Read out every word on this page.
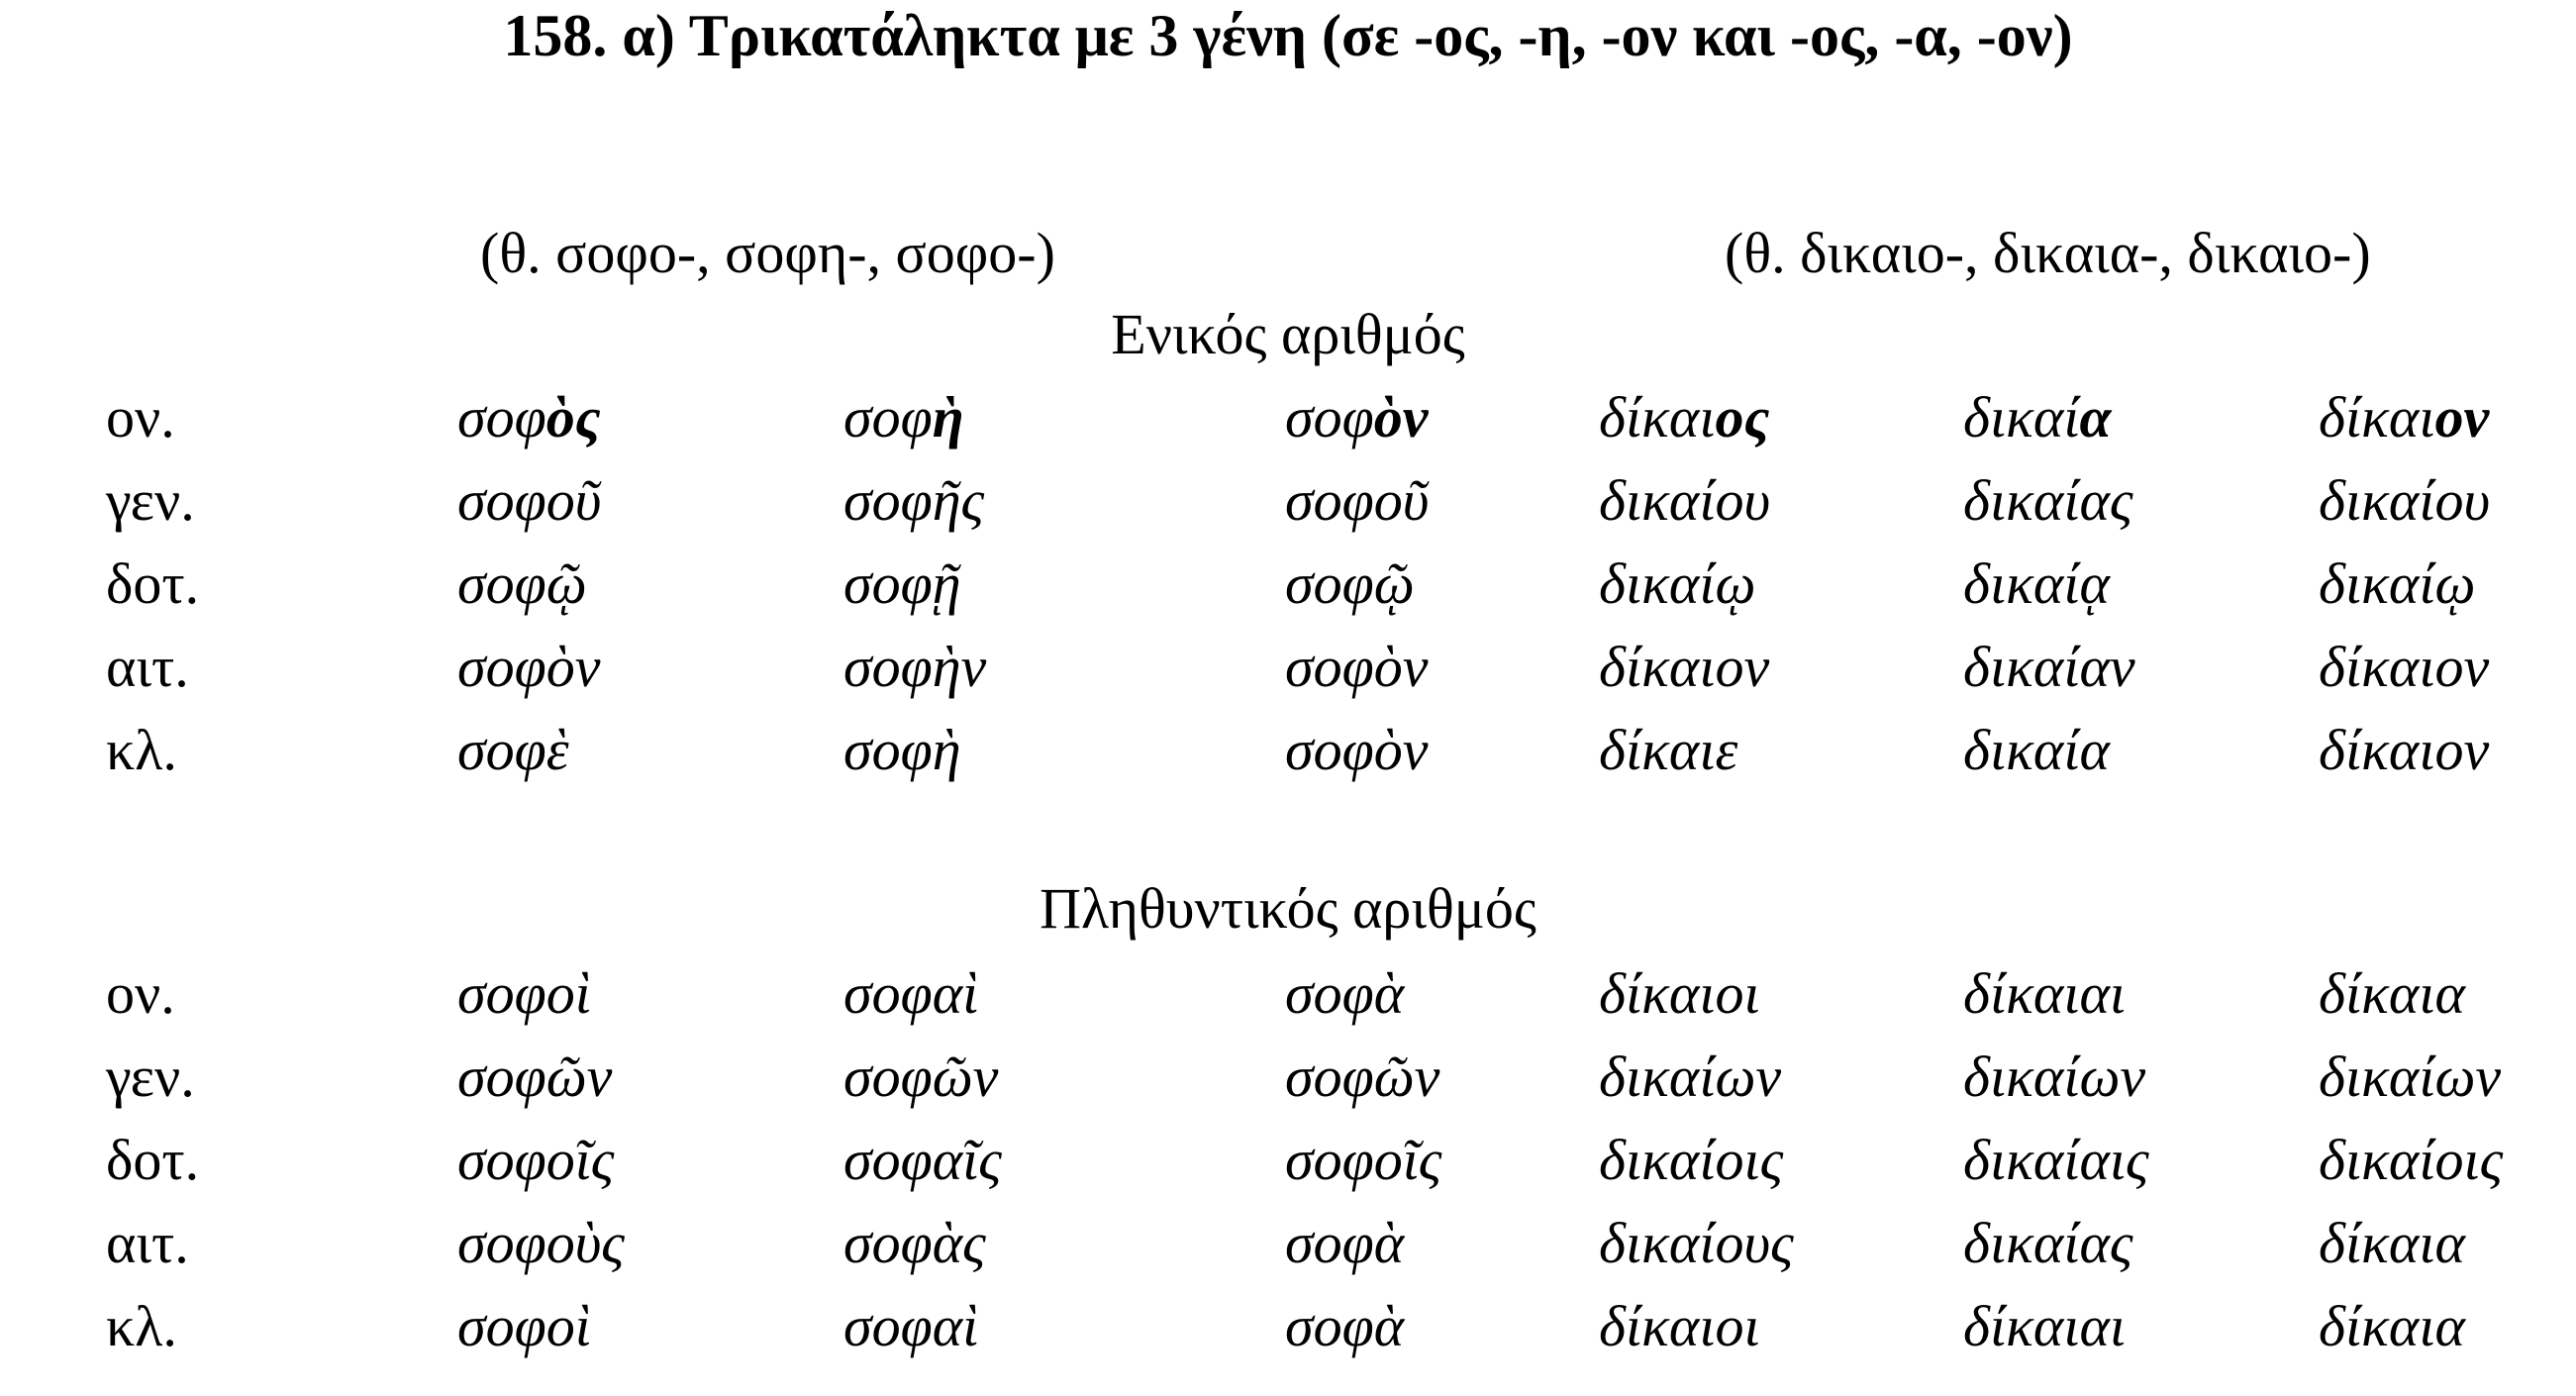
158. α) Τρικατάληκτα με 3 γένη (σε -ος, -η, -ον και -ος, -α, -ον)
(θ. σοφο-, σοφη-, σοφο-)	(θ. δικαιο-, δικαια-, δικαιο-)
Ενικός αριθμός
ον.	σοφὸς	σοφὴ	σοφὸν	δίκαιος	δικαία	δίκαιον
γεν.	σοφοῦ	σοφῆς	σοφοῦ	δικαίου	δικαίας	δικαίου
δοτ.	σοφῷ	σοφῇ	σοφῷ	δικαίῳ	δικαίᾳ	δικαίῳ
αιτ.	σοφὸν	σοφὴν	σοφὸν	δίκαιον	δικαίαν	δίκαιον
κλ.	σοφὲ	σοφὴ	σοφὸν	δίκαιε	δικαία	δίκαιον
Πληθυντικός αριθμός
ον.	σοφοὶ	σοφαὶ	σοφὰ	δίκαιοι	δίκαιαι	δίκαια
γεν.	σοφῶν	σοφῶν	σοφῶν	δικαίων	δικαίων	δικαίων
δοτ.	σοφοῖς	σοφαῖς	σοφοῖς	δικαίοις	δικαίαις	δικαίοις
αιτ.	σοφοὺς	σοφὰς	σοφὰ	δικαίους	δικαίας	δίκαια
κλ.	σοφοὶ	σοφαὶ	σοφὰ	δίκαιοι	δίκαιαι	δίκαια
